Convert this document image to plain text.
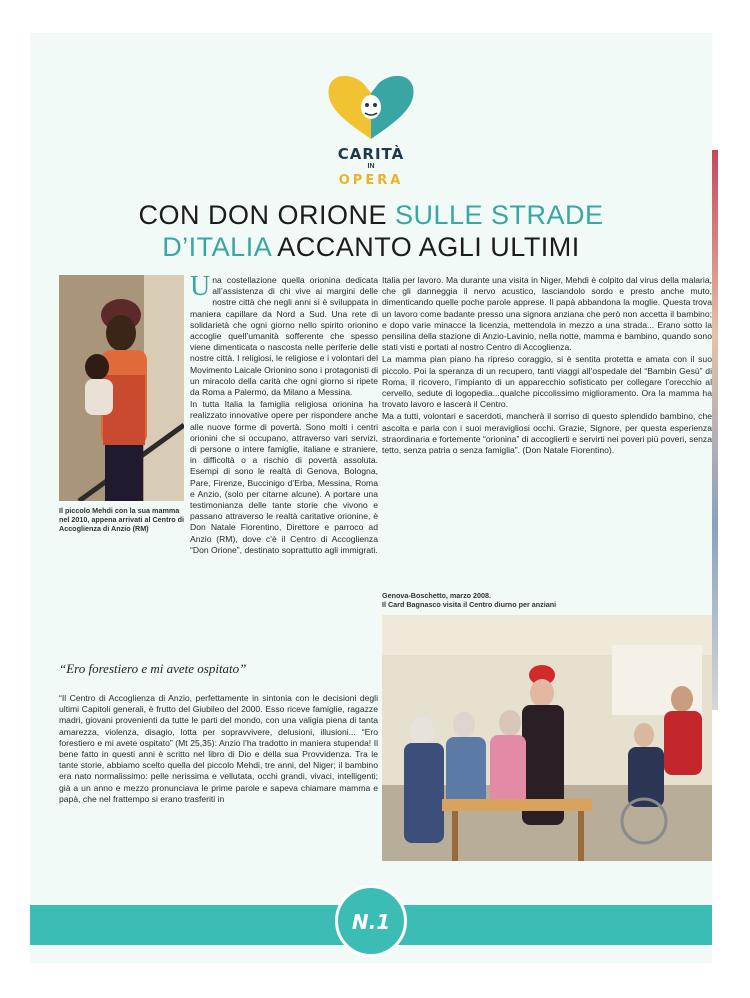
CARITÀ
IN
OPERA
CON DON ORIONE SULLE STRADE
D’ITALIA ACCANTO AGLI ULTIMI
Il piccolo Mehdi con la sua mamma nel 2010, appena arrivati al Centro di Accoglienza di Anzio (RM)

Una costellazione quella orionina dedicata all’assistenza di chi vive ai margini delle nostre città che negli anni si è sviluppata in maniera capillare da Nord a Sud. Una rete di solidarietà che ogni giorno nello spirito orionino accoglie quell’umanità sofferente che spesso viene dimenticata o nascosta nelle periferie delle nostre città. I religiosi, le religiose e i volontari del Movimento Laicale Orionino sono i protagonisti di un miracolo della carità che ogni giorno si ripete da Roma a Palermo, da Milano a Messina.

In tutta Italia la famiglia religiosa orionina ha realizzato innovative opere per rispondere anche alle nuove forme di povertà. Sono molti i centri orionini che si occupano, attraverso vari servizi, di persone o intere famiglie, italiane e straniere, in difficoltà o a rischio di povertà assoluta. Esempi di sono le realtà di Genova, Bologna, Pare, Firenze, Buccinigo d’Erba, Messina, Roma e Anzio, (solo per citarne alcune). A portare una testimonianza delle tante storie che vivono e passano attraverso le realtà caritative orionine, è Don Natale Fiorentino, Direttore e parroco ad Anzio (RM), dove c’è il Centro di Accoglienza “Don Orione”, destinato soprattutto agli immigrati.

“Ero forestiero e mi avete ospitato”

“Il Centro di Accoglienza di Anzio, perfettamente in sintonia con le decisioni degli ultimi Capitoli generali, è frutto del Giubileo del 2000. Esso riceve famiglie, ragazze madri, giovani provenienti da tutte le parti del mondo, con una valigia piena di tanta amarezza, violenza, disagio, lotta per sopravvivere, delusioni, illusioni... “Ero forestiero e mi avete ospitato” (Mt 25,35): Anzio l’ha tradotto in maniera stupenda! Il bene fatto in questi anni è scritto nel libro di Dio e della sua Provvidenza. Tra le tante storie, abbiamo scelto quella del piccolo Mehdi, tre anni, del Niger; il bambino era nato normalissimo: pelle nerissima e vellutata, occhi grandi, vivaci, intelligenti; già a un anno e mezzo pronunciava le prime parole e sapeva chiamare mamma e papà, che nel frattempo si erano trasferiti in

Italia per lavoro. Ma durante una visita in Niger, Mehdi è colpito dal virus della malaria, che gli danneggia il nervo acustico, lasciandolo sordo e presto anche muto, dimenticando quelle poche parole apprese. Il papà abbandona la moglie. Questa trova un lavoro come badante presso una signora anziana che però non accetta il bambino; e dopo varie minacce la licenzia, mettendola in mezzo a una strada... Erano sotto la pensilina della stazione di Anzio-Lavinio, nella notte, mamma e bambino, quando sono stati visti e portati al nostro Centro di Accoglienza.

La mamma pian piano ha ripreso coraggio, si è sentita protetta e amata con il suo piccolo. Poi la speranza di un recupero, tanti viaggi all’ospedale del “Bambin Gesù” di Roma, il ricovero, l’impianto di un apparecchio sofisticato per collegare l’orecchio al cervello, sedute di logopedia...qualche piccolissimo miglioramento. Ora la mamma ha trovato lavoro e lascerà il Centro.

Ma a tutti, volontari e sacerdoti, mancherà il sorriso di questo splendido bambino, che ascolta e parla con i suoi meravigliosi occhi. Grazie, Signore, per questa esperienza straordinaria e fortemente “orionina” di accoglierti e servirti nei poveri più poveri, senza tetto, senza patria o senza famiglia”. (Don Natale Fiorentino).

Genova-Boschetto, marzo 2008.
Il Card Bagnasco visita il Centro diurno per anziani
N.1
